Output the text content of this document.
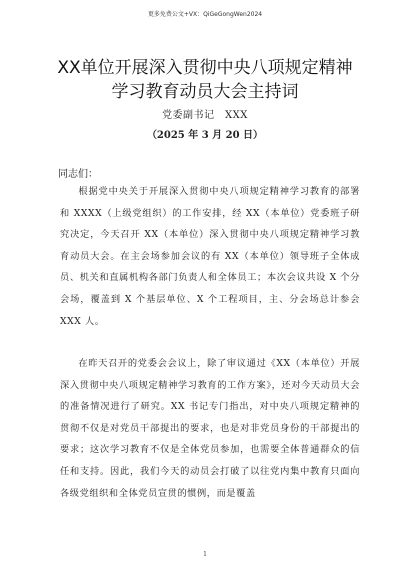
更多免费公文+VX：QiGeGongWen2024
XX单位开展深入贯彻中央八项规定精神
学习教育动员大会主持词
党委副书记　XXX
（2025 年 3 月 20 日）
同志们：

根据党中央关于开展深入贯彻中央八项规定精神学习教育的部署和 XXXX（上级党组织）的工作安排，经 XX（本单位）党委班子研究决定，今天召开 XX（本单位）深入贯彻中央八项规定精神学习教育动员大会。在主会场参加会议的有 XX（本单位）领导班子全体成员、机关和直属机构各部门负责人和全体员工；本次会议共设 X 个分会场，覆盖到 X 个基层单位、X 个工程项目，主、分会场总计参会 XXX 人。

在昨天召开的党委会会议上，除了审议通过《XX（本单位）开展深入贯彻中央八项规定精神学习教育的工作方案》，还对今天动员大会的准备情况进行了研究。XX 书记专门指出，对中央八项规定精神的贯彻不仅是对党员干部提出的要求，也是对非党员身份的干部提出的要求；这次学习教育不仅是全体党员参加，也需要全体普通群众的信任和支持。因此，我们今天的动员会打破了以往党内集中教育只面向各级党组织和全体党员宣贯的惯例，而是覆盖

1
